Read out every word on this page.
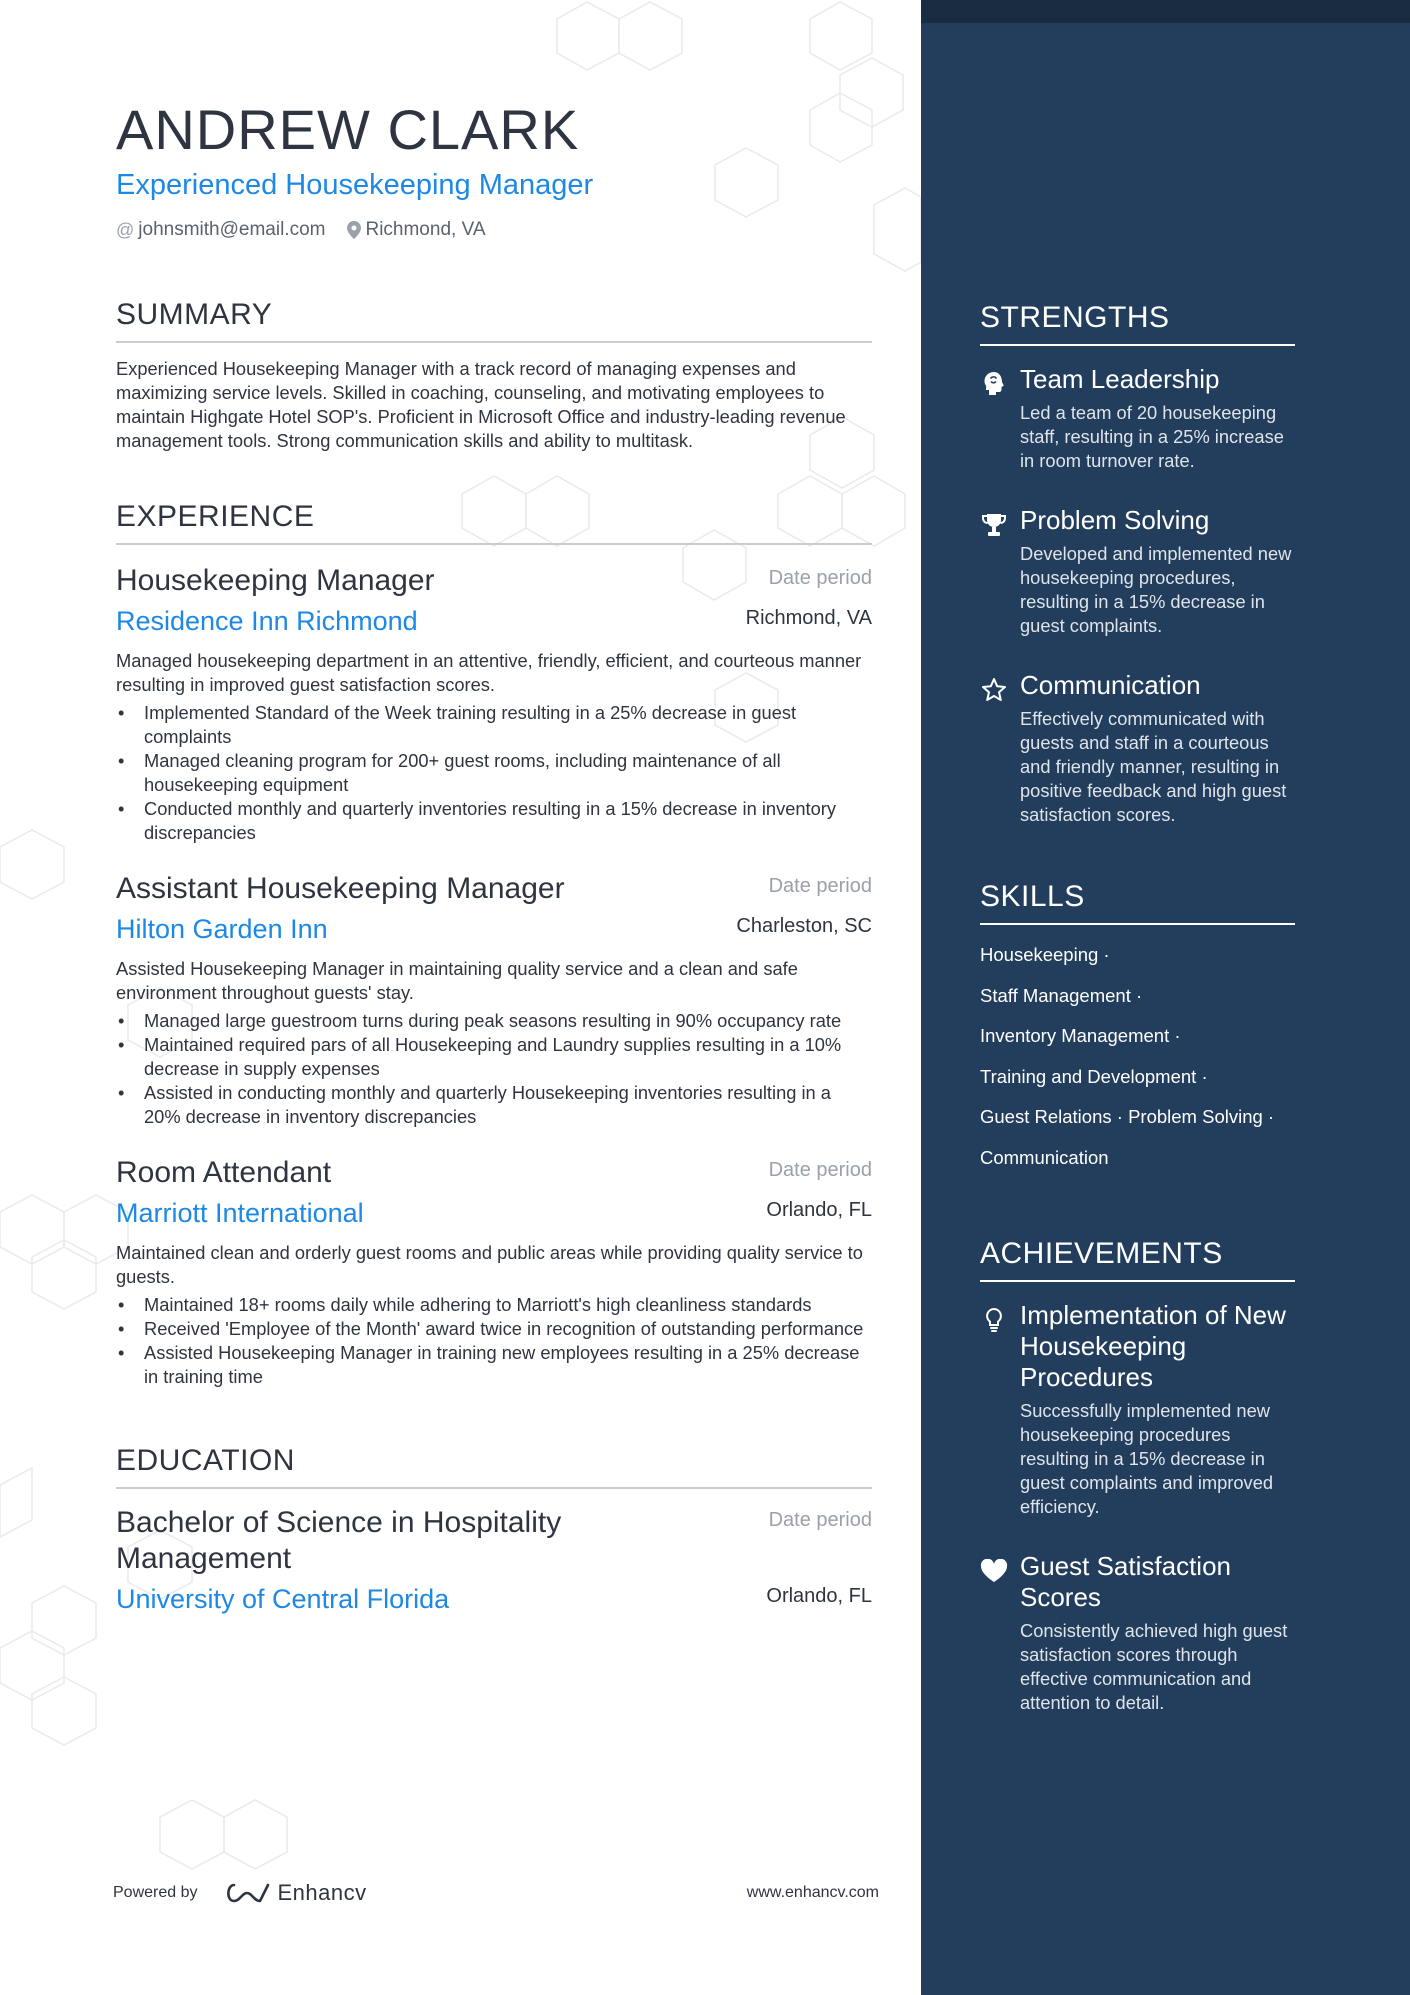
ANDREW CLARK
Experienced Housekeeping Manager
@ johnsmith@email.com Richmond, VA
SUMMARY

Experienced Housekeeping Manager with a track record of managing expenses and maximizing service levels. Skilled in coaching, counseling, and motivating employees to maintain Highgate Hotel SOP's. Proficient in Microsoft Office and industry-leading revenue management tools. Strong communication skills and ability to multitask.

EXPERIENCE
Housekeeping Manager	Date period
Residence Inn Richmond	Richmond, VA

Managed housekeeping department in an attentive, friendly, efficient, and courteous manner resulting in improved guest satisfaction scores.

• Implemented Standard of the Week training resulting in a 25% decrease in guest complaints
• Managed cleaning program for 200+ guest rooms, including maintenance of all housekeeping equipment
• Conducted monthly and quarterly inventories resulting in a 15% decrease in inventory discrepancies
Assistant Housekeeping Manager	Date period
Hilton Garden Inn	Charleston, SC

Assisted Housekeeping Manager in maintaining quality service and a clean and safe environment throughout guests' stay.

• Managed large guestroom turns during peak seasons resulting in 90% occupancy rate
• Maintained required pars of all Housekeeping and Laundry supplies resulting in a 10% decrease in supply expenses
• Assisted in conducting monthly and quarterly Housekeeping inventories resulting in a 20% decrease in inventory discrepancies
Room Attendant	Date period
Marriott International	Orlando, FL

Maintained clean and orderly guest rooms and public areas while providing quality service to guests.

• Maintained 18+ rooms daily while adhering to Marriott's high cleanliness standards
• Received 'Employee of the Month' award twice in recognition of outstanding performance
• Assisted Housekeeping Manager in training new employees resulting in a 25% decrease in training time
EDUCATION
Bachelor of Science in Hospitality Management
Date period
University of Central Florida	Orlando, FL
Powered by	Enhancv	www.enhancv.com
STRENGTHS
Team Leadership
Led a team of 20 housekeeping staff, resulting in a 25% increase in room turnover rate.
Problem Solving
Developed and implemented new housekeeping procedures, resulting in a 15% decrease in guest complaints.
Communication
Effectively communicated with guests and staff in a courteous and friendly manner, resulting in positive feedback and high guest satisfaction scores.
SKILLS
Housekeeping ·
Staff Management ·
Inventory Management ·
Training and Development ·
Guest Relations · Problem Solving ·
Communication
ACHIEVEMENTS
Implementation of New Housekeeping Procedures
Successfully implemented new housekeeping procedures resulting in a 15% decrease in guest complaints and improved efficiency.
Guest Satisfaction Scores
Consistently achieved high guest satisfaction scores through effective communication and attention to detail.
